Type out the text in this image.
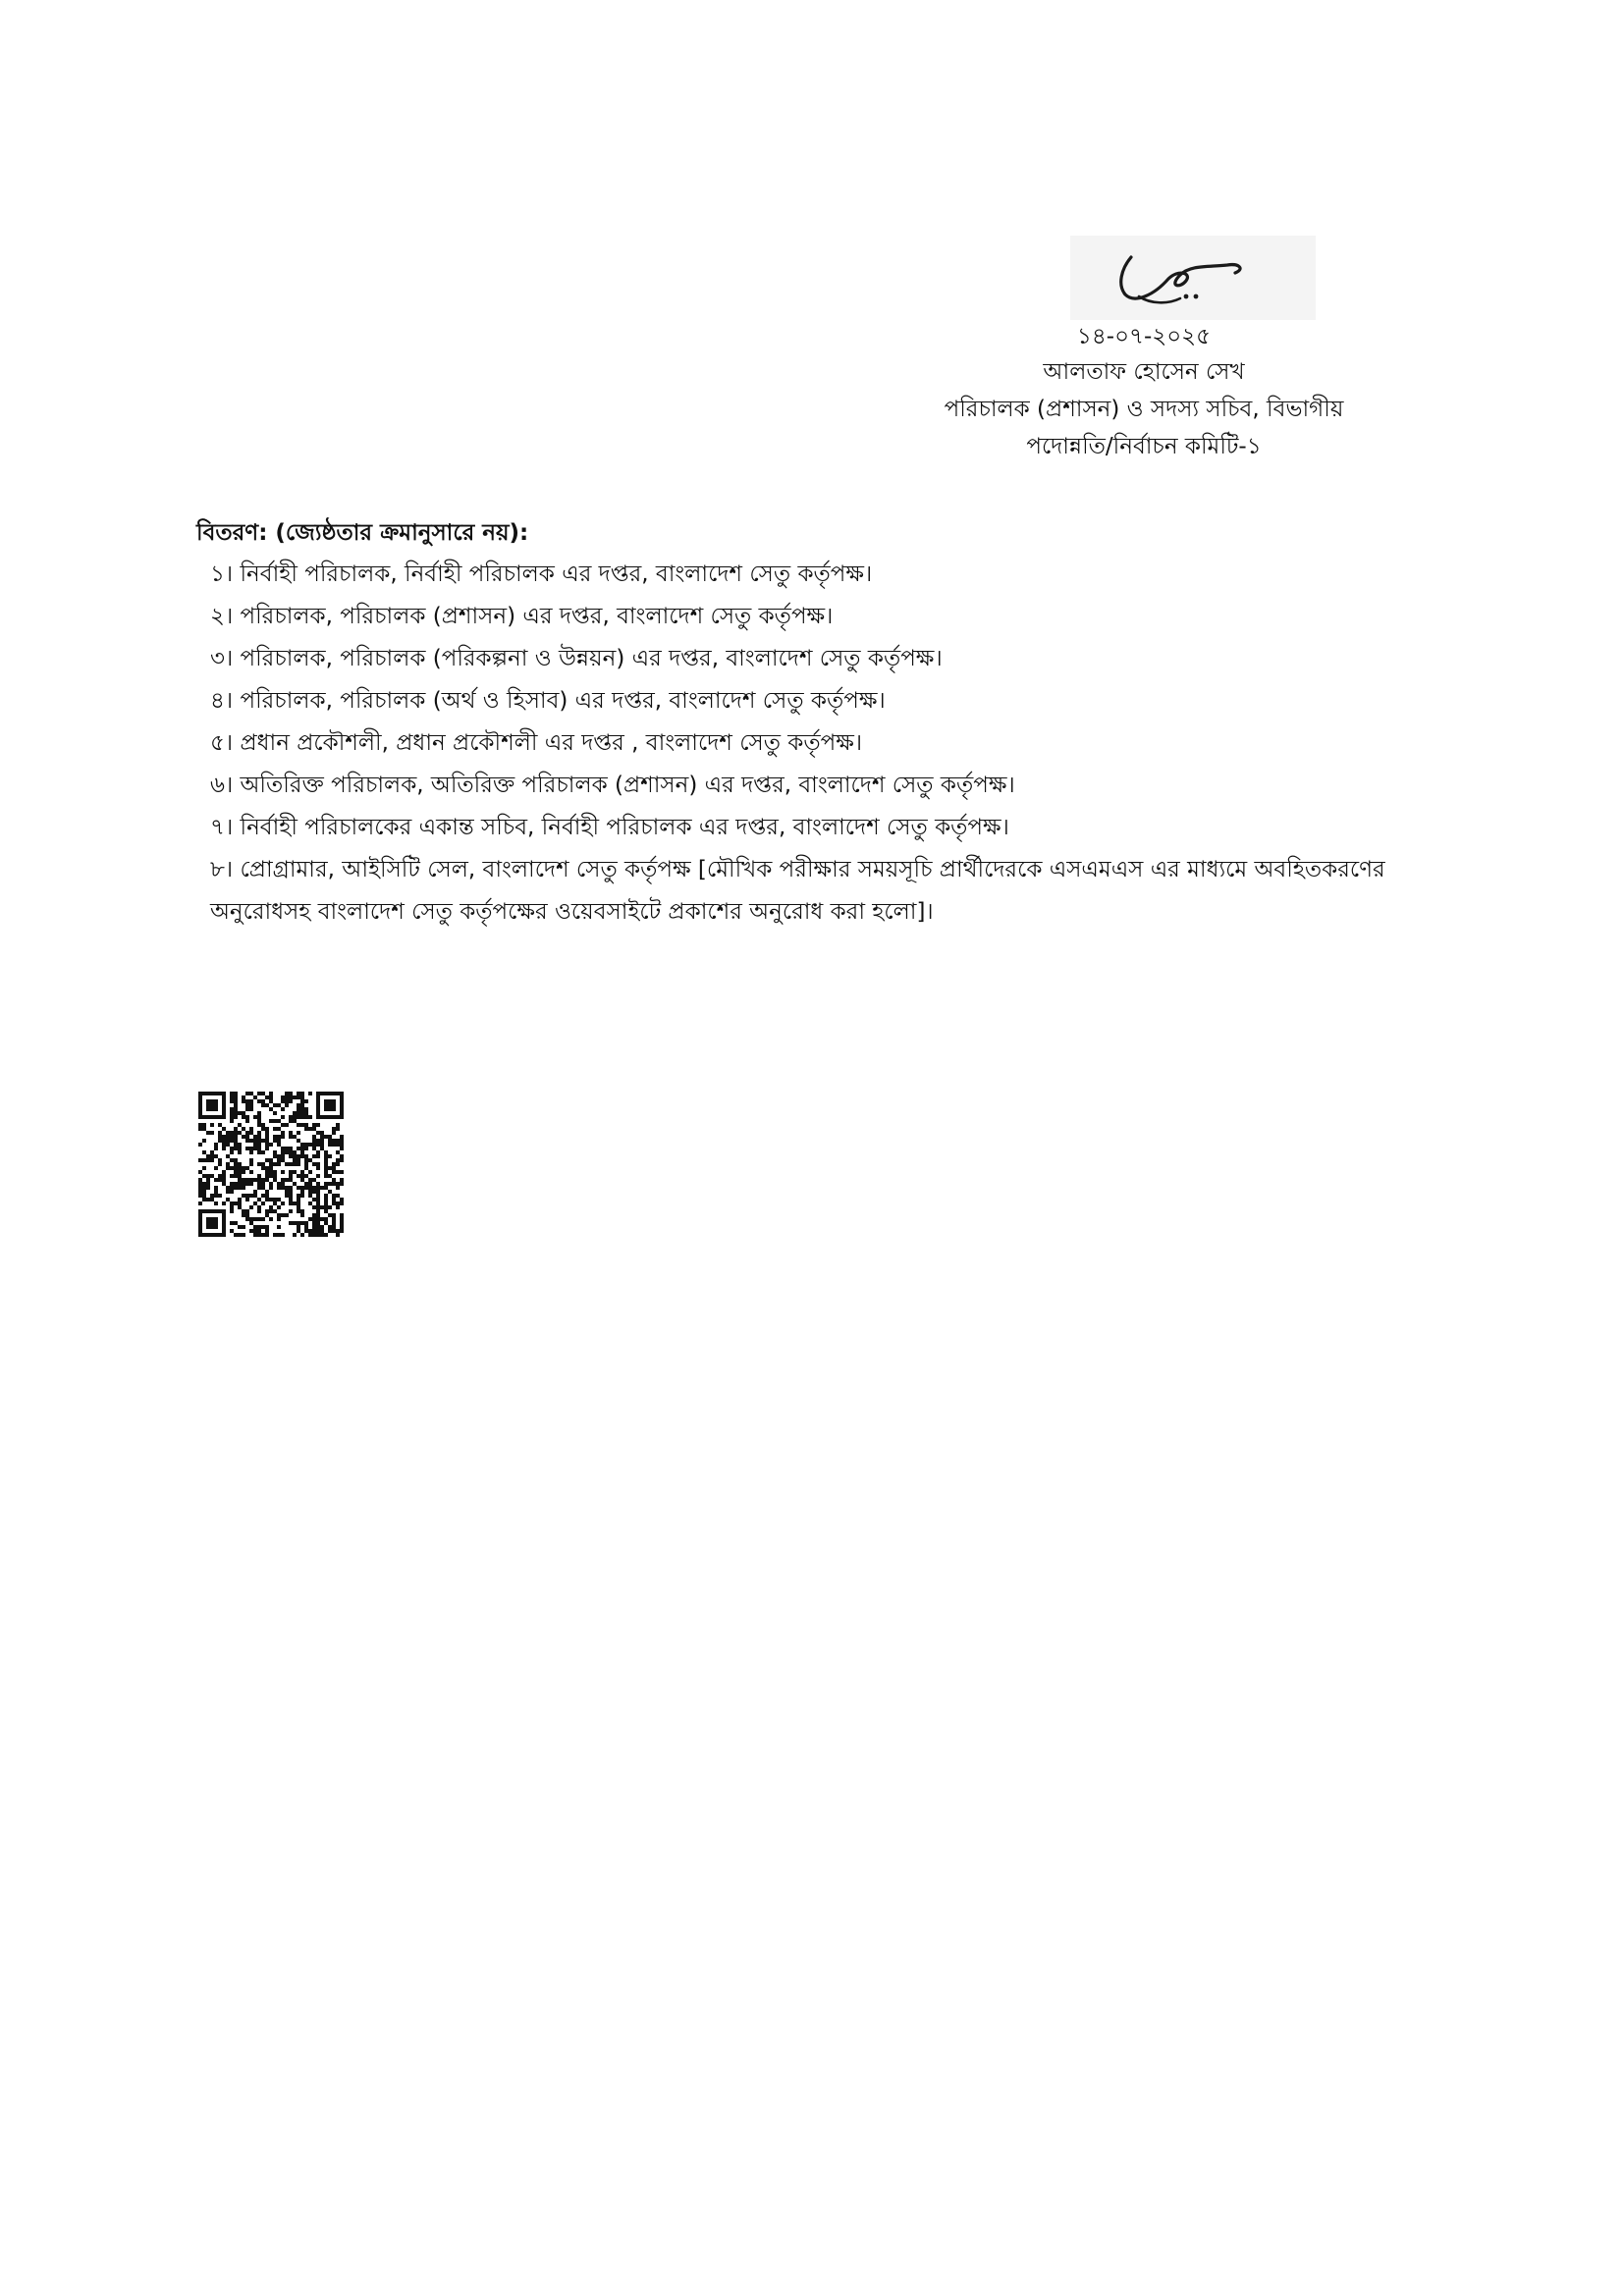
১৪-০৭-২০২৫
আলতাফ হোসেন সেখ
পরিচালক (প্রশাসন) ও সদস্য সচিব, বিভাগীয়
পদোন্নতি/নির্বাচন কমিটি-১
বিতরণ: (জ্যেষ্ঠতার ক্রমানুসারে নয়):
১। নির্বাহী পরিচালক, নির্বাহী পরিচালক এর দপ্তর, বাংলাদেশ সেতু কর্তৃপক্ষ।
২। পরিচালক, পরিচালক (প্রশাসন) এর দপ্তর, বাংলাদেশ সেতু কর্তৃপক্ষ।
৩। পরিচালক, পরিচালক (পরিকল্পনা ও উন্নয়ন) এর দপ্তর, বাংলাদেশ সেতু কর্তৃপক্ষ।
৪। পরিচালক, পরিচালক (অর্থ ও হিসাব) এর দপ্তর, বাংলাদেশ সেতু কর্তৃপক্ষ।
৫। প্রধান প্রকৌশলী, প্রধান প্রকৌশলী এর দপ্তর , বাংলাদেশ সেতু কর্তৃপক্ষ।
৬। অতিরিক্ত পরিচালক, অতিরিক্ত পরিচালক (প্রশাসন) এর দপ্তর, বাংলাদেশ সেতু কর্তৃপক্ষ।
৭। নির্বাহী পরিচালকের একান্ত সচিব, নির্বাহী পরিচালক এর দপ্তর, বাংলাদেশ সেতু কর্তৃপক্ষ।
৮। প্রোগ্রামার, আইসিটি সেল, বাংলাদেশ সেতু কর্তৃপক্ষ [মৌখিক পরীক্ষার সময়সূচি প্রার্থীদেরকে এসএমএস এর মাধ্যমে অবহিতকরণের অনুরোধসহ বাংলাদেশ সেতু কর্তৃপক্ষের ওয়েবসাইটে প্রকাশের অনুরোধ করা হলো]।
